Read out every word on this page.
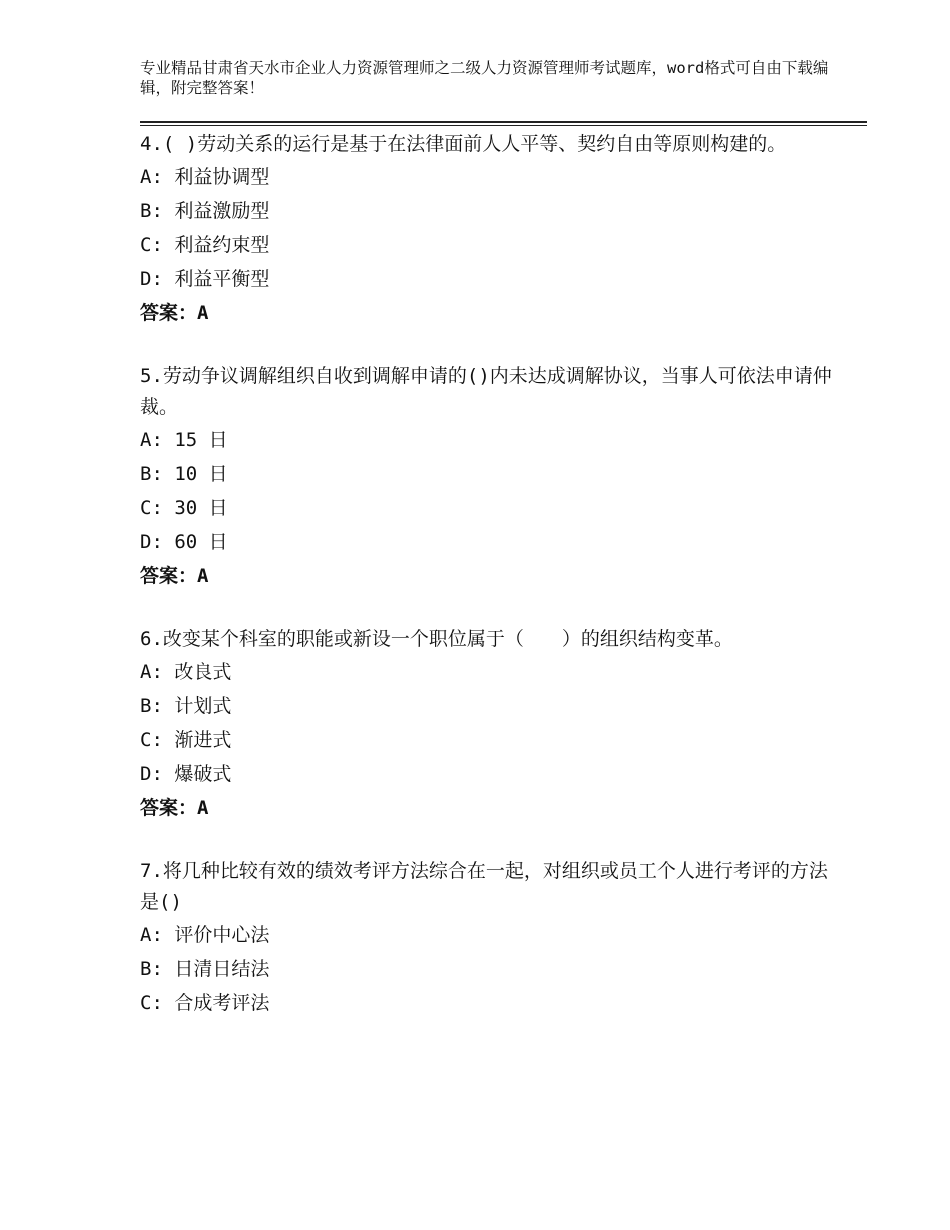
专业精品甘肃省天水市企业人力资源管理师之二级人力资源管理师考试题库，word格式可自由下载编辑，附完整答案！
4.( )劳动关系的运行是基于在法律面前人人平等、契约自由等原则构建的。
A: 利益协调型
B: 利益激励型
C: 利益约束型
D: 利益平衡型
答案：A
5.劳动争议调解组织自收到调解申请的()内未达成调解协议，当事人可依法申请仲裁。
A: 15 日
B: 10 日
C: 30 日
D: 60 日
答案：A
6.改变某个科室的职能或新设一个职位属于（　　）的组织结构变革。
A: 改良式
B: 计划式
C: 渐进式
D: 爆破式
答案：A
7.将几种比较有效的绩效考评方法综合在一起，对组织或员工个人进行考评的方法是()
A: 评价中心法
B: 日清日结法
C: 合成考评法
